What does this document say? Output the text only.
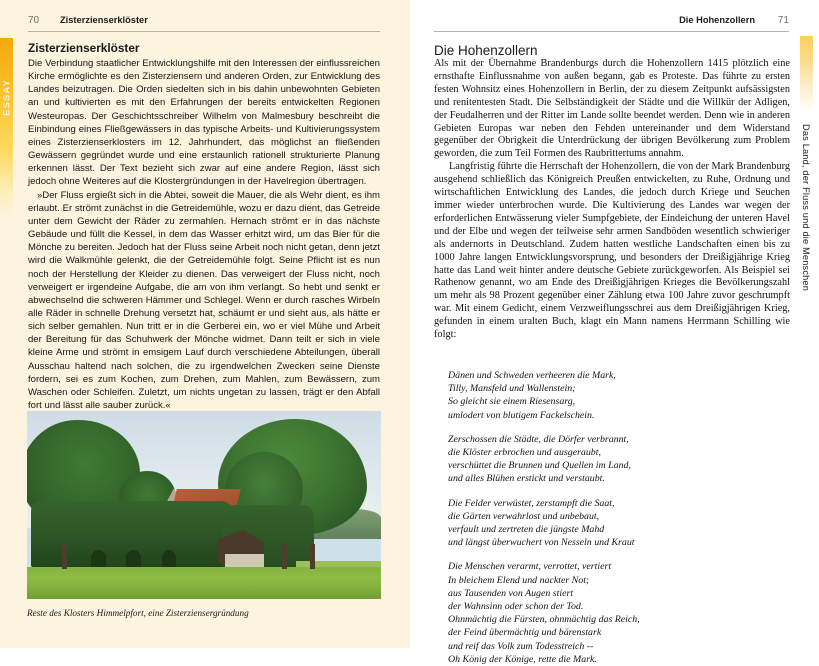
ESSAY
70 Zisterzienserklöster
Zisterzienserklöster

Die Verbindung staatlicher Entwicklungshilfe mit den Interessen der einflussreichen Kirche ermöglichte es den Zisterziensern und anderen Orden, zur Entwicklung des Landes beizutragen. Die Orden siedelten sich in bis dahin unbewohnten Gebieten an und kultivierten es mit den Erfahrungen der bereits entwickelten Regionen Westeuropas. Der Geschichtsschreiber Wilhelm von Malmesbury beschreibt die Einbindung eines Fließgewässers in das typische Arbeits- und Kultivierungssystem eines Zisterzienserklosters im 12. Jahrhundert, das möglichst an fließenden Gewässern gegründet wurde und eine erstaunlich rationell strukturierte Planung erkennen lässt. Der Text bezieht sich zwar auf eine andere Region, lässt sich jedoch ohne Weiteres auf die Klostergründungen in der Havelregion übertragen.

»Der Fluss ergießt sich in die Abtei, soweit die Mauer, die als Wehr dient, es ihm erlaubt. Er strömt zunächst in die Getreidemühle, wozu er dazu dient, das Getreide unter dem Gewicht der Räder zu zermahlen. Hernach strömt er in das nächste Gebäude und füllt die Kessel, in dem das Wasser erhitzt wird, um das Bier für die Mönche zu bereiten. Jedoch hat der Fluss seine Arbeit noch nicht getan, denn jetzt wird die Walkmühle gelenkt, die der Getreidemühle folgt. Seine Pflicht ist es nun noch der Herstellung der Kleider zu dienen. Das verweigert der Fluss nicht, noch verweigert er irgendeine Aufgabe, die am von ihm verlangt. So hebt und senkt er abwechselnd die schweren Hämmer und Schlegel. Wenn er durch rasches Wirbeln alle Räder in schnelle Drehung versetzt hat, schäumt er und sieht aus, als hätte er sich selber gemahlen. Nun tritt er in die Gerberei ein, wo er viel Mühe und Arbeit der Bereitung für das Schuhwerk der Mönche widmet. Dann teilt er sich in viele kleine Arme und strömt in emsigem Lauf durch verschiedene Abteilungen, überall Ausschau haltend nach solchen, die zu irgendwelchen Zwecken seine Dienste fordern, sei es zum Kochen, zum Drehen, zum Mahlen, zum Bewässern, zum Waschen oder Schleifen. Zuletzt, um nichts ungetan zu lassen, trägt er den Abfall fort und lässt alle sauber zurück.«

Reste des Klosters Himmelpfort, eine Zisterziensergründung
Die Hohenzollern 71
Die Hohenzollern

Als mit der Übernahme Brandenburgs durch die Hohenzollern 1415 plötzlich eine ernsthafte Einflussnahme von außen begann, gab es Proteste. Das führte zu ersten festen Wohnsitz eines Hohenzollern in Berlin, der zu diesem Zeitpunkt aufsässigsten und renitentesten Stadt. Die Selbständigkeit der Städte und die Willkür der Adligen, der Feudalherren und der Ritter im Lande sollte beendet werden. Denn wie in anderen Gebieten Europas war neben den Fehden untereinander und dem Widerstand gegenüber der Obrigkeit die Unterdrückung der übrigen Bevölkerung zum Problem geworden, die zum Teil Formen des Raubrittertums annahm.

Langfristig führte die Herrschaft der Hohenzollern, die von der Mark Brandenburg ausgehend schließlich das Königreich Preußen entwickelten, zu Ruhe, Ordnung und wirtschaftlichen Entwicklung des Landes, die jedoch durch Kriege und Seuchen immer wieder unterbrochen wurde. Die Kultivierung des Landes war wegen der erforderlichen Entwässerung vieler Sumpfgebiete, der Eindeichung der unteren Havel und der Elbe und wegen der teilweise sehr armen Sandböden wesentlich schwieriger als andernorts in Deutschland. Zudem hatten westliche Landschaften einen bis zu 1000 Jahre langen Entwicklungsvorsprung, und besonders der Dreißigjährige Krieg hatte das Land weit hinter andere deutsche Gebiete zurückgeworfen. Als Beispiel sei Rathenow genannt, wo am Ende des Dreißigjährigen Krieges die Bevölkerungszahl um mehr als 98 Prozent gegenüber einer Zählung etwa 100 Jahre zuvor geschrumpft war. Mit einem Gedicht, einem Verzweiflungsschrei aus dem Dreißigjährigen Krieg, gefunden in einem uralten Buch, klagt ein Mann namens Herrmann Schilling wie folgt:

Dänen und Schweden verheeren die Mark,
Tilly, Mansfeld und Wallenstein;
So gleicht sie einem Riesensarg,
umlodert von blutigem Fackelschein.
Zerschossen die Städte, die Dörfer verbrannt,
die Klöster erbrochen und ausgeraubt,
verschüttet die Brunnen und Quellen im Land,
und alles Blühen erstickt und verstaubt.
Die Felder verwüstet, zerstampft die Saat,
die Gärten verwahrlost und unbebaut,
verfault und zertreten die jüngste Mahd
und längst überwuchert von Nesseln und Kraut
Die Menschen verarmt, verrottet, vertiert
In bleichem Elend und nackter Not;
aus Tausenden von Augen stiert
der Wahnsinn oder schon der Tod.
Ohnmächtig die Fürsten, ohnmächtig das Reich,
der Feind übermächtig und bärenstark
und reif das Volk zum Todesstreich --
Oh König der Könige, rette die Mark.
Das Land, der Fluss und die Menschen
